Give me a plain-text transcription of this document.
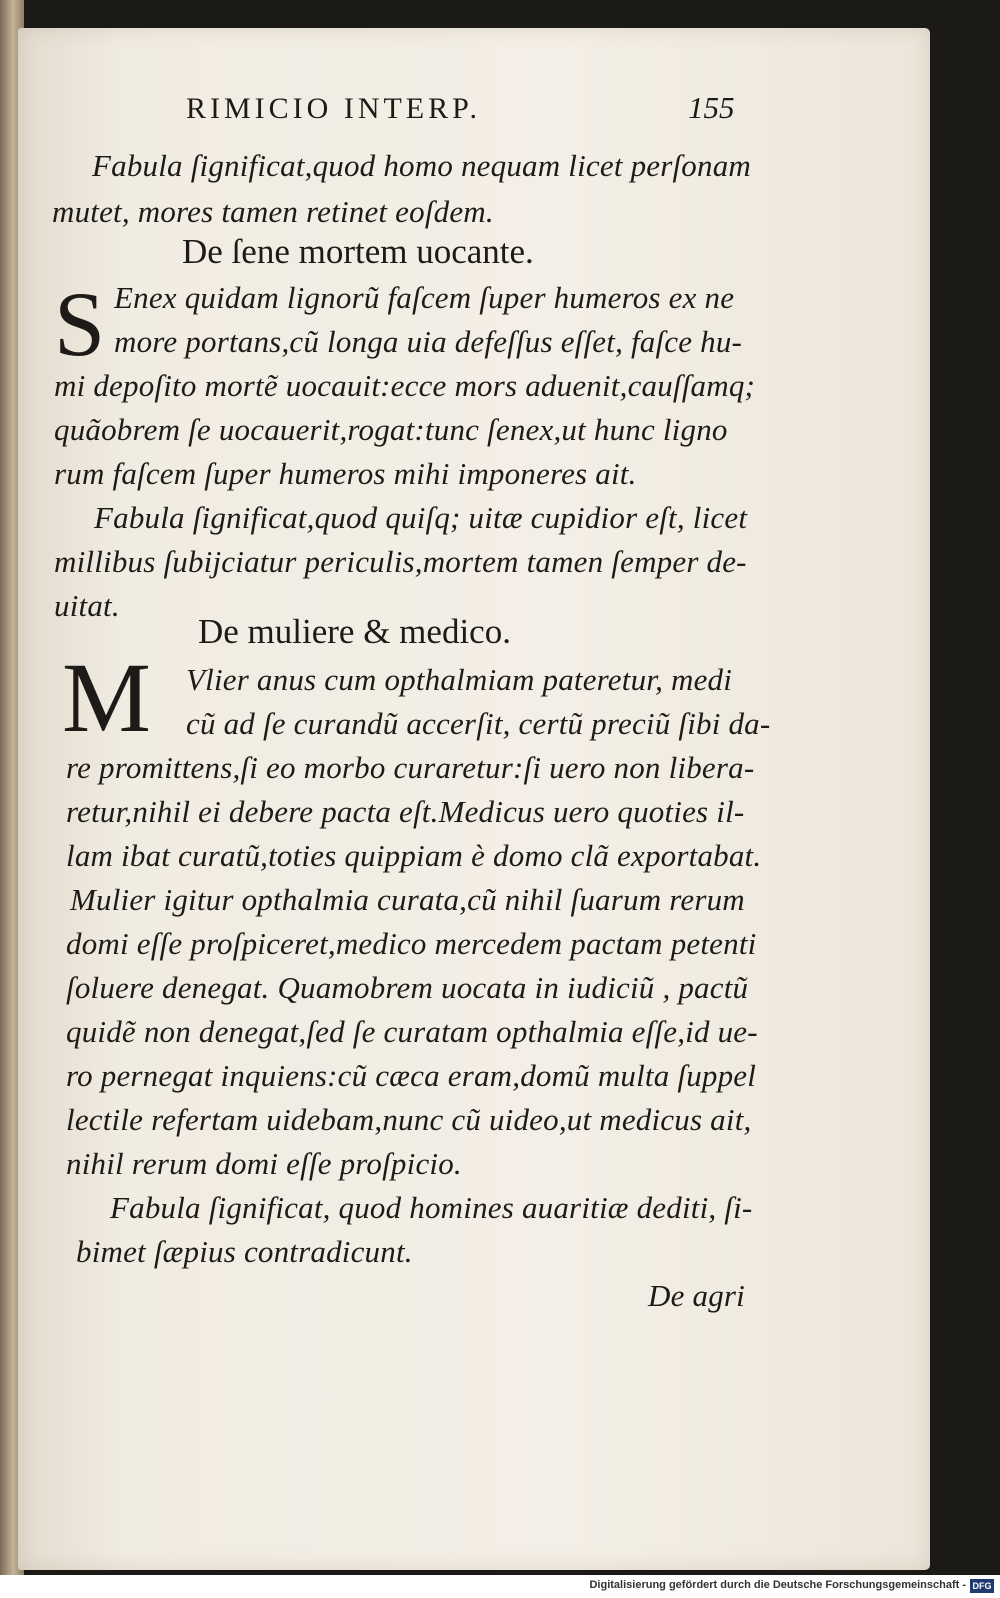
RIMICIO INTERP.	155
Fabula ſignificat,quod homo nequam licet perſonam
mutet, mores tamen retinet eoſdem.
De ſene mortem uocante.
S Enex quidam lignorũ faſcem ſuper humeros ex ne
more portans,cũ longa uia defeſſus eſſet, faſce hu-
mi depoſito mortẽ uocauit:ecce mors aduenit,cauſſamq;
quãobrem ſe uocauerit,rogat:tunc ſenex,ut hunc ligno
rum faſcem ſuper humeros mihi imponeres ait.
Fabula ſignificat,quod quiſq; uitæ cupidior eſt, licet
millibus ſubijciatur periculis,mortem tamen ſemper de-
uitat.
De muliere & medico.
M Vlier anus cum opthalmiam pateretur, medi
cũ ad ſe curandũ accerſit, certũ preciũ ſibi da-
re promittens,ſi eo morbo curaretur:ſi uero non libera-
retur,nihil ei debere pacta eſt.Medicus uero quoties il-
lam ibat curatũ,toties quippiam è domo clã exportabat.
Mulier igitur opthalmia curata,cũ nihil ſuarum rerum
domi eſſe proſpiceret,medico mercedem pactam petenti
ſoluere denegat. Quamobrem uocata in iudiciũ , pactũ
quidẽ non denegat,ſed ſe curatam opthalmia eſſe,id ue-
ro pernegat inquiens:cũ cæca eram,domũ multa ſuppel
lectile refertam uidebam,nunc cũ uideo,ut medicus ait,
nihil rerum domi eſſe proſpicio.
Fabula ſignificat, quod homines auaritiæ dediti, ſi-
bimet ſæpius contradicunt.
De agri
Digitalisierung gefördert durch die Deutsche Forschungsgemeinschaft - DFG
